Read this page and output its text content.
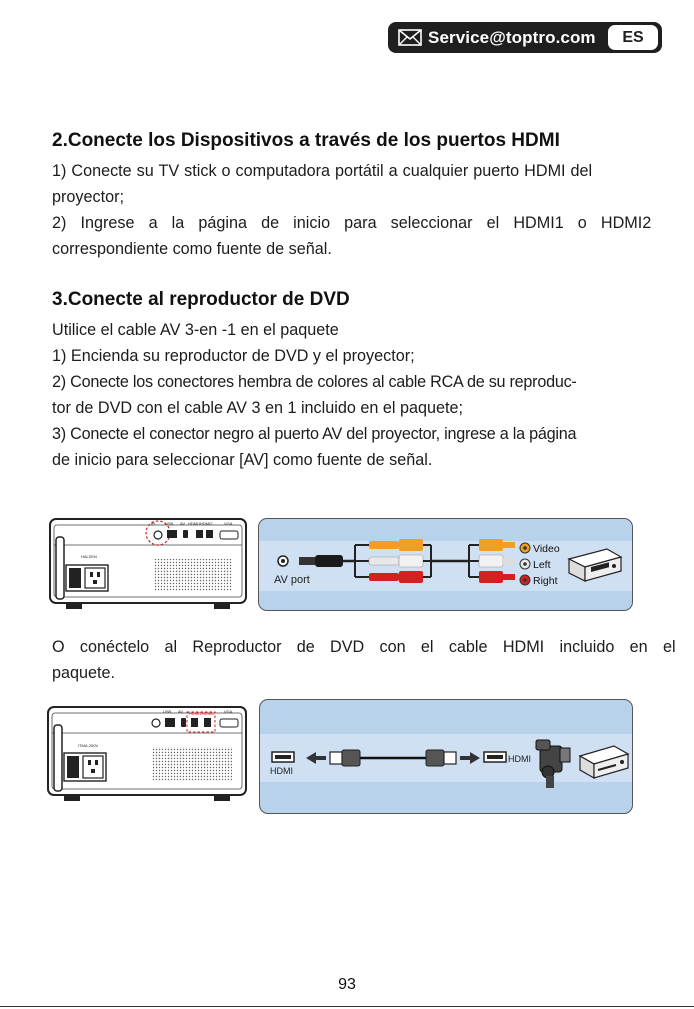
Service@toptro.com	ES
2.Conecte los Dispositivos a través de los puertos HDMI

1) Conecte su TV stick o computadora portátil a cualquier puerto HDMI del
proyector;
2) Ingrese a la página de inicio para seleccionar el HDMI1 o HDMI2
correspondiente como fuente de señal.

3.Conecte al reproductor de DVD

Utilice el cable AV 3-en -1 en el paquete
1) Encienda su reproductor de DVD y el proyector;
2) Conecte los conectores hembra de colores al cable RCA de su reproduc-
tor de DVD con el cable AV 3 en 1 incluido en el paquete;
3) Conecte el conector negro al puerto AV del proyector, ingrese a la página
de inicio para seleccionar [AV] como fuente de señal.

HALZEN
IR	USB AV HDMI1 HDMI2	VGA
Video
Left
Right
AV port

O conéctelo al Reproductor de DVD con el cable HDMI incluido en el
paquete.

ITMA-250V
USB AV HDMI1 HDMI2 VGA
HDMI
HDMI
93
